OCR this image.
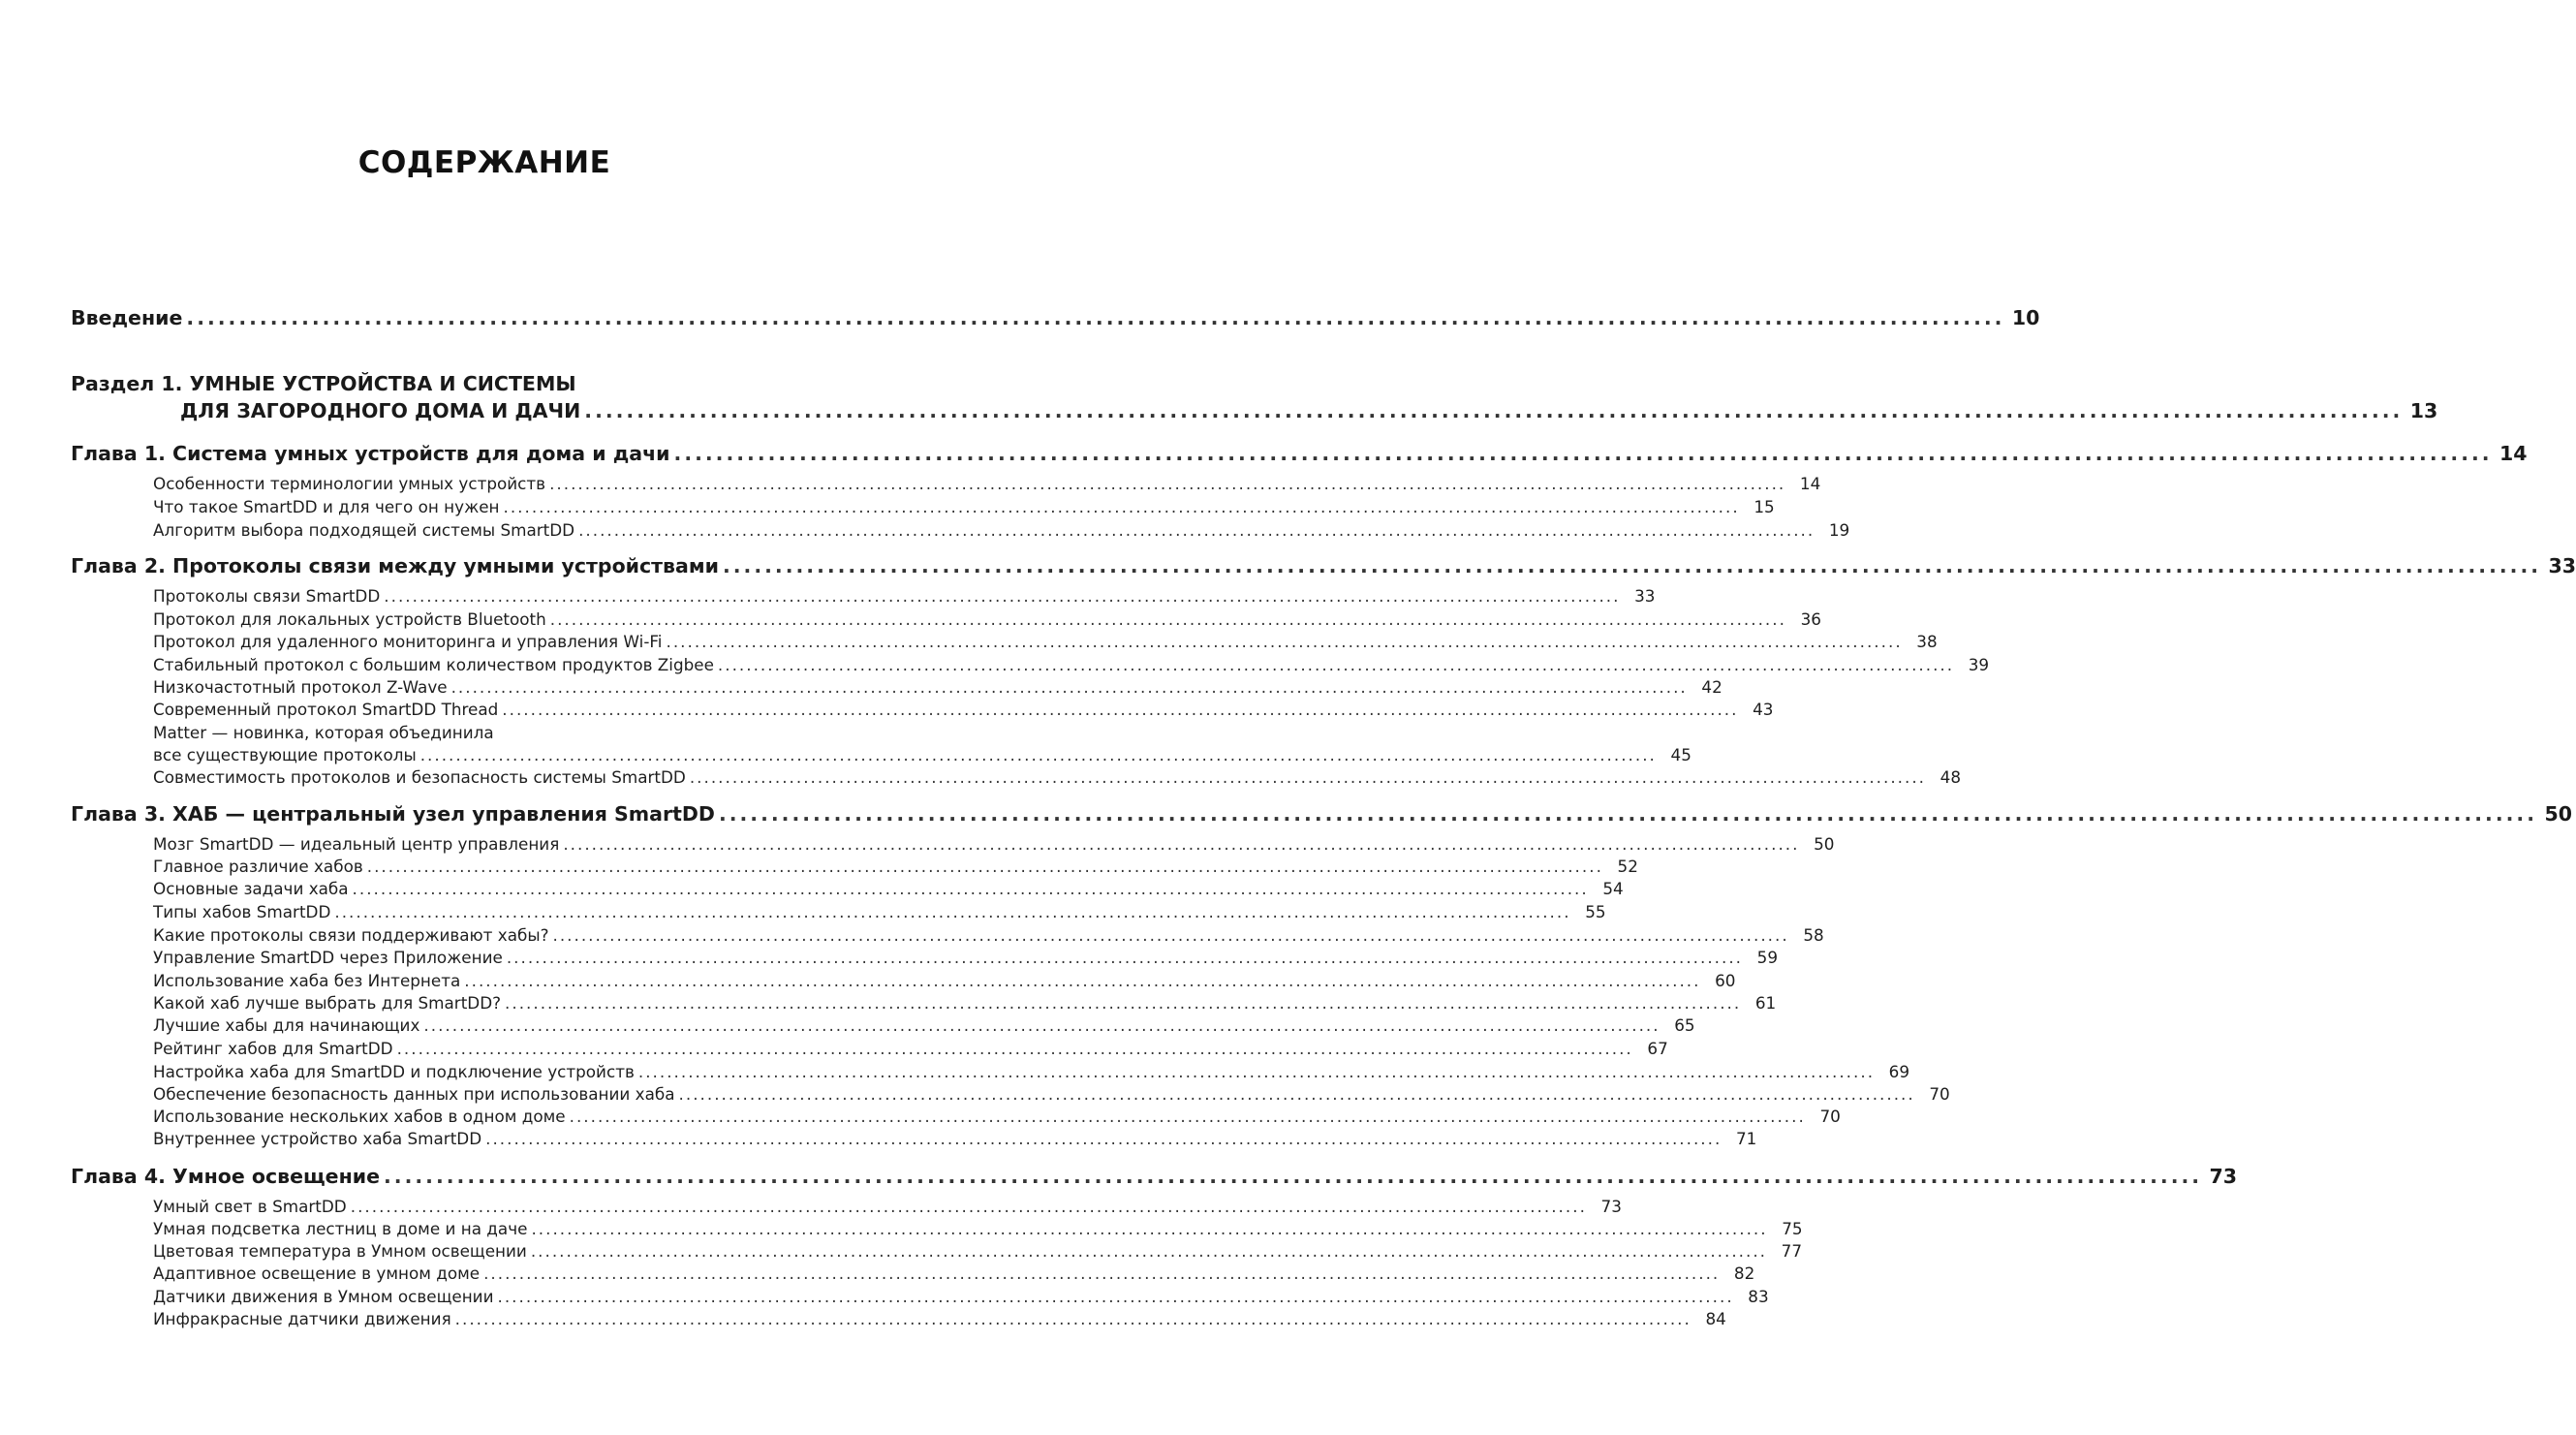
СОДЕРЖАНИЕ
Введение .............................................................................................................................................................................. 10
Раздел 1. УМНЫЕ УСТРОЙСТВА И СИСТЕМЫ
ДЛЯ ЗАГОРОДНОГО ДОМА И ДАЧИ .............................................................................................................................................................................. 13
Глава 1. Система умных устройств для дома и дачи .............................................................................................................................................................................. 14
Особенности терминологии умных устройств .............................................................................................................................................................................. 14
Что такое SmartDD и для чего он нужен .............................................................................................................................................................................. 15
Алгоритм выбора подходящей системы SmartDD .............................................................................................................................................................................. 19
Глава 2. Протоколы связи между умными устройствами .............................................................................................................................................................................. 33
Протоколы связи SmartDD .............................................................................................................................................................................. 33
Протокол для локальных устройств Bluetooth .............................................................................................................................................................................. 36
Протокол для удаленного мониторинга и управления Wi-Fi .............................................................................................................................................................................. 38
Стабильный протокол с большим количеством продуктов Zigbee .............................................................................................................................................................................. 39
Низкочастотный протокол Z-Wave .............................................................................................................................................................................. 42
Современный протокол SmartDD Thread .............................................................................................................................................................................. 43
Matter — новинка, которая объединила
все существующие протоколы .............................................................................................................................................................................. 45
Совместимость протоколов и безопасность системы SmartDD .............................................................................................................................................................................. 48
Глава 3. ХАБ — центральный узел управления SmartDD .............................................................................................................................................................................. 50
Мозг SmartDD — идеальный центр управления .............................................................................................................................................................................. 50
Главное различие хабов .............................................................................................................................................................................. 52
Основные задачи хаба .............................................................................................................................................................................. 54
Типы хабов SmartDD .............................................................................................................................................................................. 55
Какие протоколы связи поддерживают хабы? .............................................................................................................................................................................. 58
Управление SmartDD через Приложение .............................................................................................................................................................................. 59
Использование хаба без Интернета .............................................................................................................................................................................. 60
Какой хаб лучше выбрать для SmartDD? .............................................................................................................................................................................. 61
Лучшие хабы для начинающих .............................................................................................................................................................................. 65
Рейтинг хабов для SmartDD .............................................................................................................................................................................. 67
Настройка хаба для SmartDD и подключение устройств .............................................................................................................................................................................. 69
Обеспечение безопасность данных при использовании хаба .............................................................................................................................................................................. 70
Использование нескольких хабов в одном доме .............................................................................................................................................................................. 70
Внутреннее устройство хаба SmartDD .............................................................................................................................................................................. 71
Глава 4. Умное освещение .............................................................................................................................................................................. 73
Умный свет в SmartDD .............................................................................................................................................................................. 73
Умная подсветка лестниц в доме и на даче .............................................................................................................................................................................. 75
Цветовая температура в Умном освещении .............................................................................................................................................................................. 77
Адаптивное освещение в умном доме .............................................................................................................................................................................. 82
Датчики движения в Умном освещении .............................................................................................................................................................................. 83
Инфракрасные датчики движения .............................................................................................................................................................................. 84
